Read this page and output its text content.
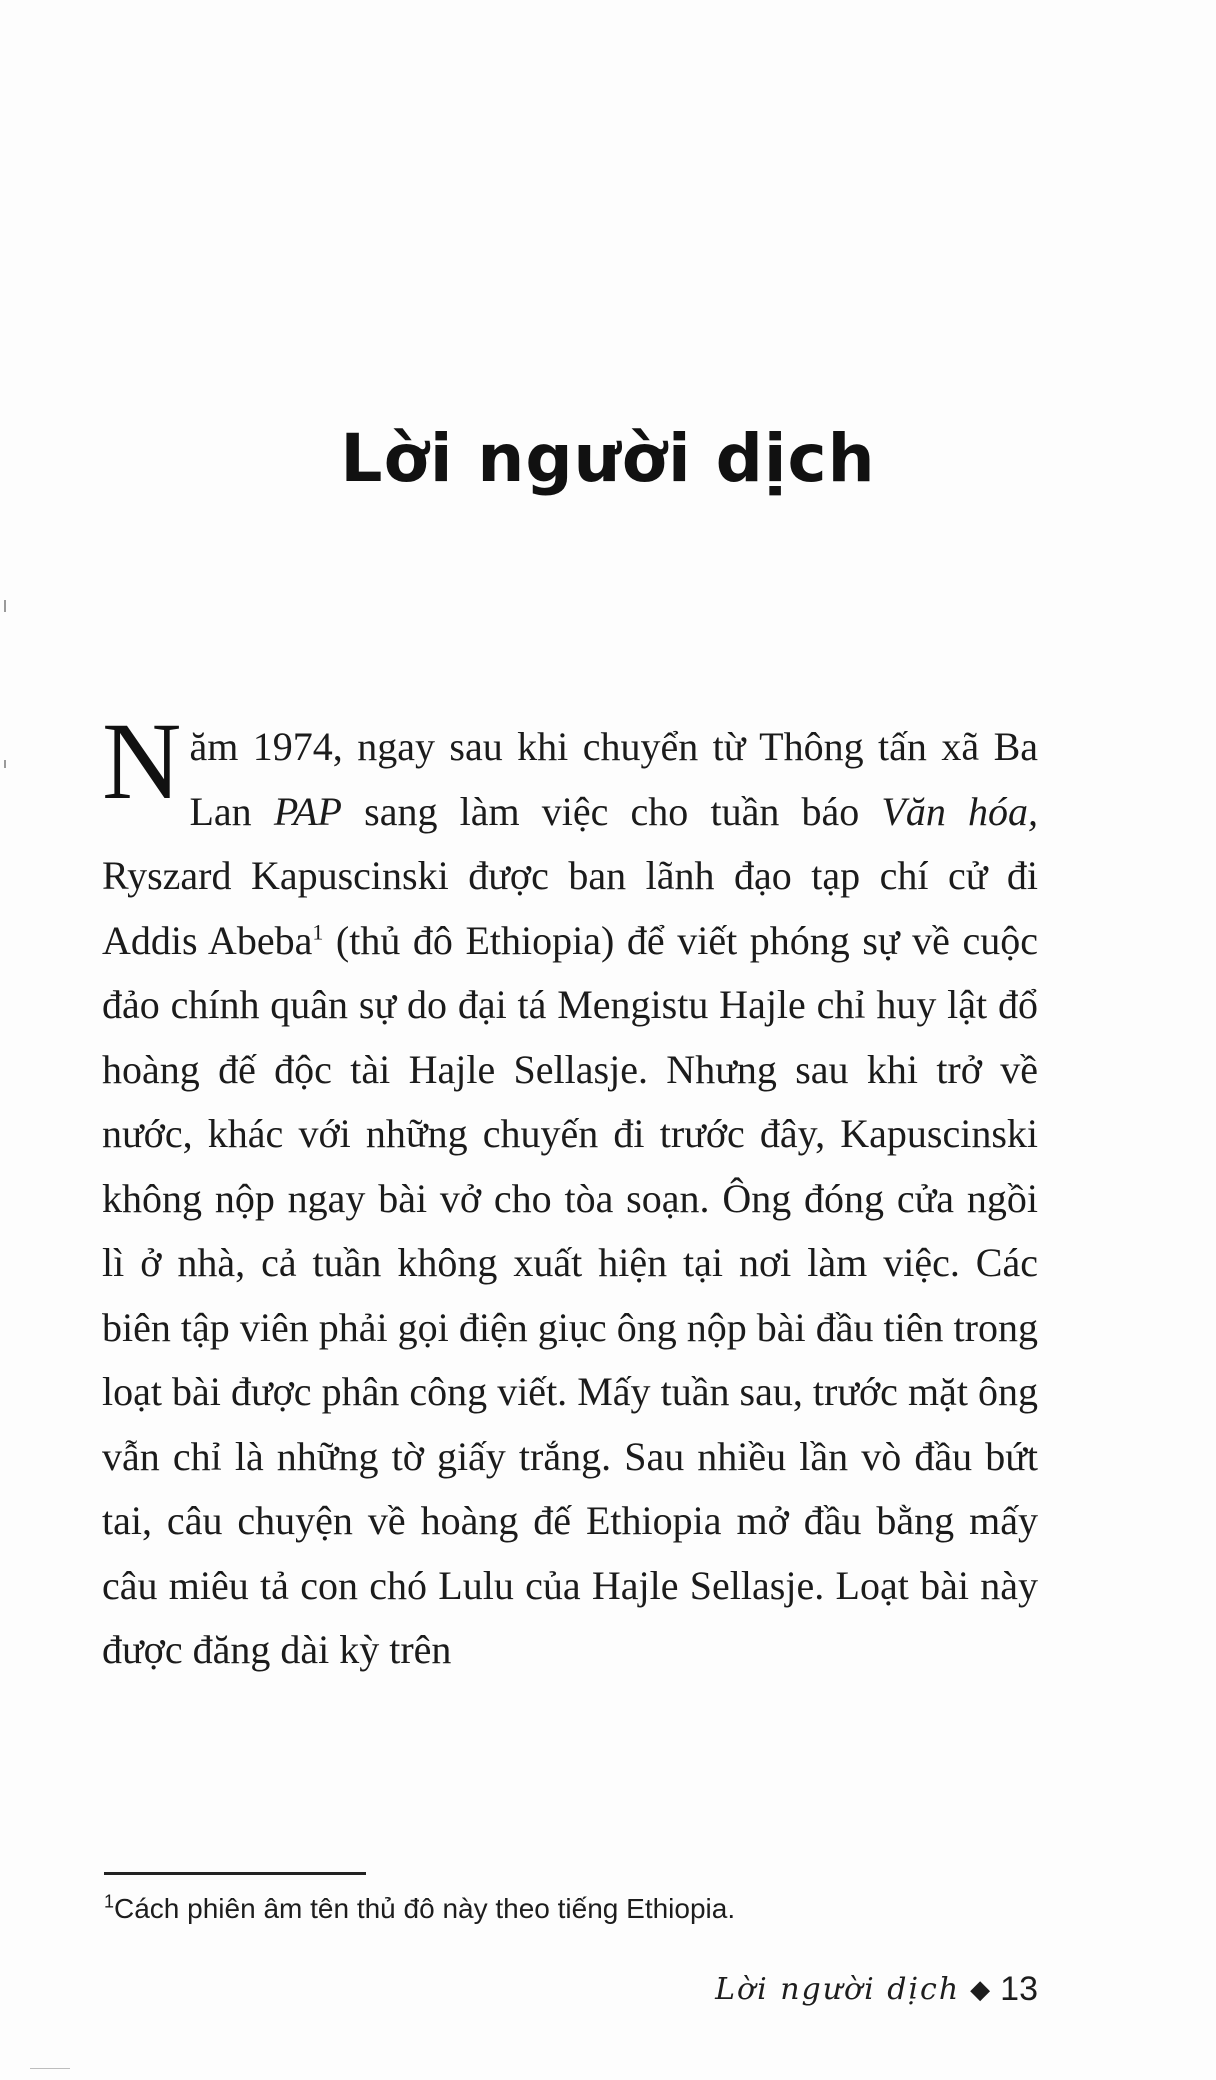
Lời người dịch

Năm 1974, ngay sau khi chuyển từ Thông tấn xã Ba Lan PAP sang làm việc cho tuần báo Văn hóa, Ryszard Kapuscinski được ban lãnh đạo tạp chí cử đi Addis Abeba$^1$ (thủ đô Ethiopia) để viết phóng sự về cuộc đảo chính quân sự do đại tá Mengistu Hajle chỉ huy lật đổ hoàng đế độc tài Hajle Sellasje. Nhưng sau khi trở về nước, khác với những chuyến đi trước đây, Kapuscinski không nộp ngay bài vở cho tòa soạn. Ông đóng cửa ngồi lì ở nhà, cả tuần không xuất hiện tại nơi làm việc. Các biên tập viên phải gọi điện giục ông nộp bài đầu tiên trong loạt bài được phân công viết. Mấy tuần sau, trước mặt ông vẫn chỉ là những tờ giấy trắng. Sau nhiều lần vò đầu bứt tai, câu chuyện về hoàng đế Ethiopia mở đầu bằng mấy câu miêu tả con chó Lulu của Hajle Sellasje. Loạt bài này được đăng dài kỳ trên

$^1$Cách phiên âm tên thủ đô này theo tiếng Ethiopia.
Lời người dịch ◆ 13
